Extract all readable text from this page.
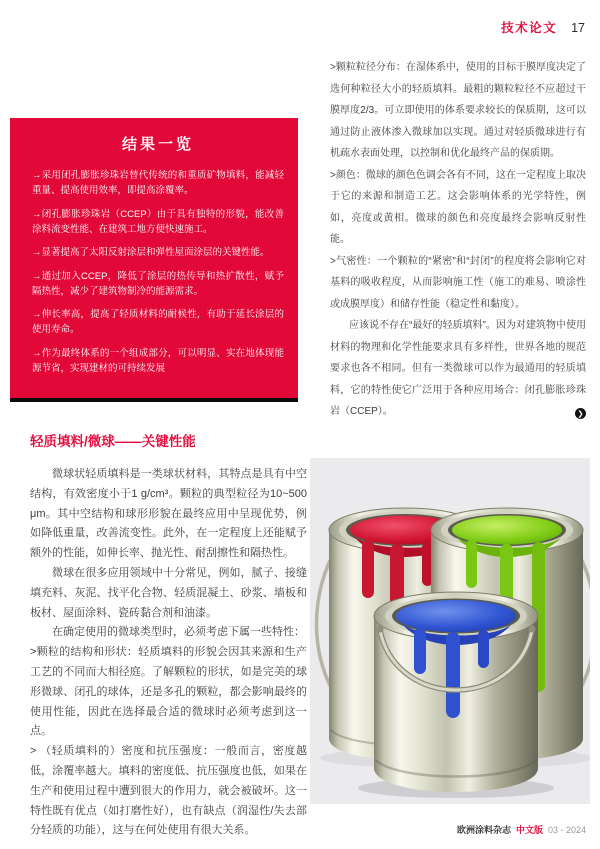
技术论文 17
结果一览

→采用闭孔膨胀珍珠岩替代传统的和重质矿物填料，能减轻重量、提高使用效率，即提高涂覆率。

→闭孔膨胀珍珠岩（CCEP）由于具有独特的形貌，能改善涂料流变性能、在建筑工地方便快速施工。

→显著提高了太阳反射涂层和弹性屋面涂层的关键性能。

→通过加入CCEP，降低了涂层的热传导和热扩散性，赋予隔热性，减少了建筑物制冷的能源需求。

→伸长率高，提高了轻质材料的耐候性，有助于延长涂层的使用寿命。

→作为最终体系的一个组成部分，可以明显、实在地体现能源节省，实现建材的可持续发展

>颗粒粒径分布：在湿体系中，使用的目标干膜厚度决定了选何种粒径大小的轻质填料。最粗的颗粒粒径不应超过干膜厚度2/3。可立即使用的体系要求较长的保质期，这可以通过防止液体渗入微球加以实现。通过对轻质微球进行有机疏水表面处理，以控制和优化最终产品的保质期。

>颜色：微球的颜色色调会各有不同，这在一定程度上取决于它的来源和制造工艺。这会影响体系的光学特性，例如，亮度或黄相。微球的颜色和亮度最终会影响反射性能。

>气密性：一个颗粒的“紧密”和“封闭”的程度将会影响它对基料的吸收程度，从而影响施工性（施工的难易、喷涂性或成膜厚度）和储存性能（稳定性和黏度）。

应该说不存在“最好的轻质填料”。因为对建筑物中使用材料的物理和化学性能要求具有多样性，世界各地的规范要求也各不相同。但有一类微球可以作为最通用的轻质填料，它的特性使它广泛用于各种应用场合：闭孔膨胀珍珠岩（CCEP）。	❯
轻质填料/微球——关键性能

微球状轻质填料是一类球状材料，其特点是具有中空结构，有效密度小于1 g/cm³。颗粒的典型粒径为10~500 μm。其中空结构和球形形貌在最终应用中呈现优势，例如降低重量，改善流变性。此外，在一定程度上还能赋予额外的性能，如伸长率、抛光性、耐刮擦性和隔热性。

微球在很多应用领域中十分常见，例如，腻子、接缝填充料、灰泥、找平化合物、轻质混凝土、砂浆、墙板和板材、屋面涂料、瓷砖黏合剂和油漆。

在确定使用的微球类型时，必须考虑下属一些特性：

>颗粒的结构和形状：轻质填料的形貌会因其来源和生产工艺的不同而大相径庭。了解颗粒的形状，如是完美的球形微球、闭孔的球体，还是多孔的颗粒，都会影响最终的使用性能，因此在选择最合适的微球时必须考虑到这一点。

> （轻质填料的）密度和抗压强度：一般而言，密度越低，涂覆率越大。填料的密度低、抗压强度也低，如果在生产和使用过程中遭到很大的作用力，就会被破坏。这一特性既有优点（如打磨性好），也有缺点（润湿性/失去部分轻质的功能），这与在何处使用有很大关系。	欧洲涂料杂志 中文版 03 - 2024
